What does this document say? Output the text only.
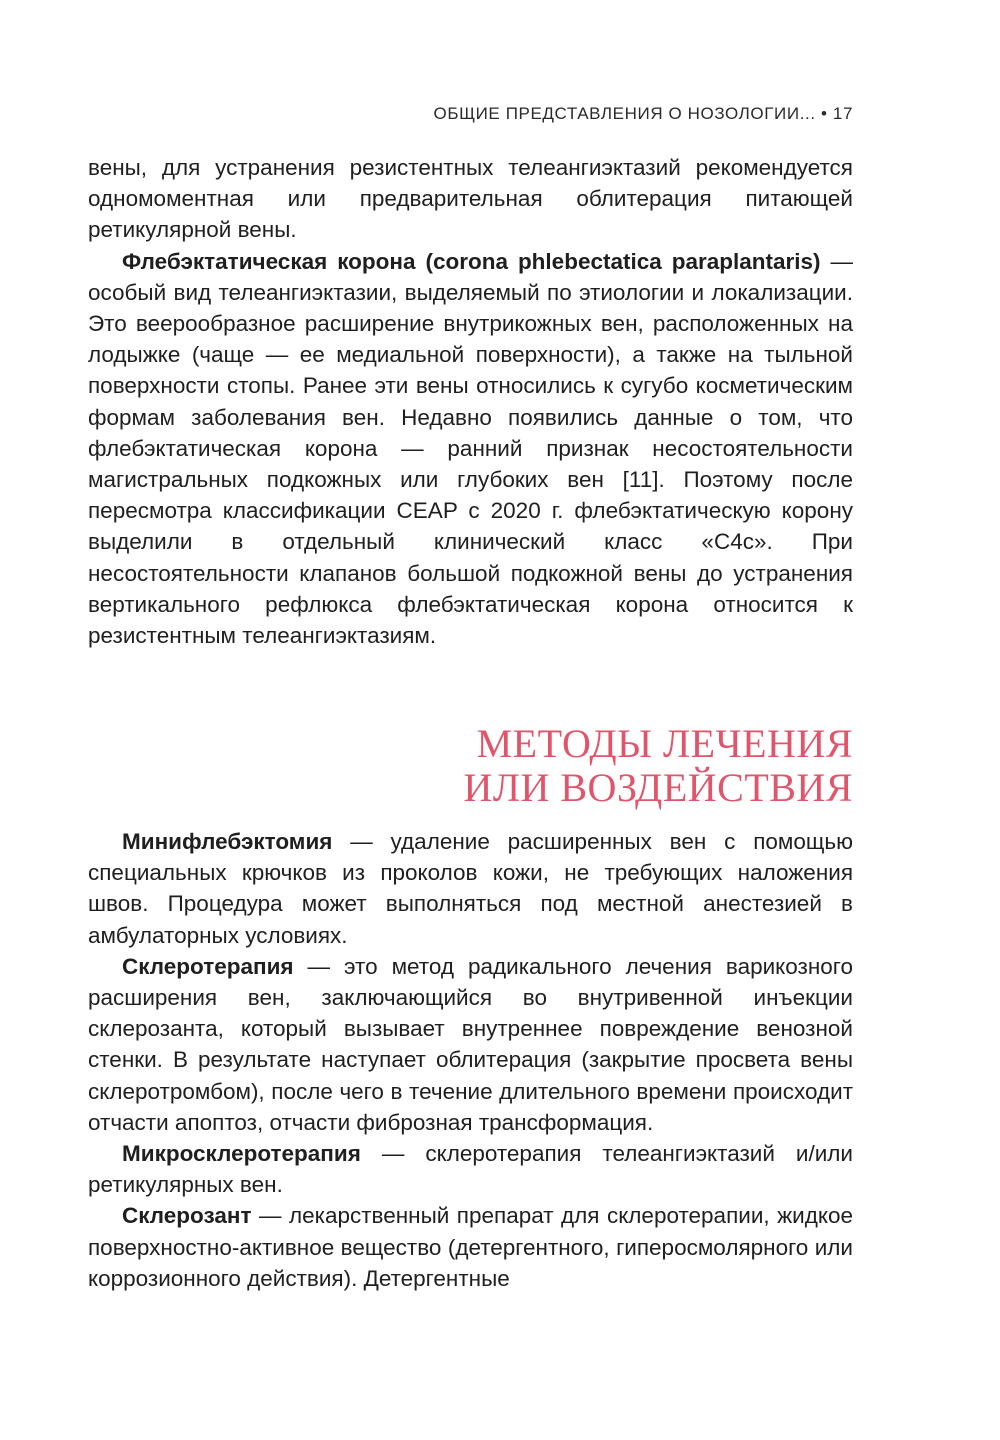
ОБЩИЕ ПРЕДСТАВЛЕНИЯ О НОЗОЛОГИИ... • 17

вены, для устранения резистентных телеангиэктазий рекомендуется одномоментная или предварительная облитерация питающей ретикулярной вены.

Флебэктатическая корона (corona phlebectatica paraplantaris) — особый вид телеангиэктазии, выделяемый по этиологии и локализации. Это веерообразное расширение внутрикожных вен, расположенных на лодыжке (чаще — ее медиальной поверхности), а также на тыльной поверхности стопы. Ранее эти вены относились к сугубо косметическим формам заболевания вен. Недавно появились данные о том, что флебэктатическая корона — ранний признак несостоятельности магистральных подкожных или глубоких вен [11]. Поэтому после пересмотра классификации CEAP с 2020 г. флебэктатическую корону выделили в отдельный клинический класс «C4c». При несостоятельности клапанов большой подкожной вены до устранения вертикального рефлюкса флебэктатическая корона относится к резистентным телеангиэктазиям.

МЕТОДЫ ЛЕЧЕНИЯ
ИЛИ ВОЗДЕЙСТВИЯ

Минифлебэктомия — удаление расширенных вен с помощью специальных крючков из проколов кожи, не требующих наложения швов. Процедура может выполняться под местной анестезией в амбулаторных условиях.

Склеротерапия — это метод радикального лечения варикозного расширения вен, заключающийся во внутривенной инъекции склерозанта, который вызывает внутреннее повреждение венозной стенки. В результате наступает облитерация (закрытие просвета вены склеротромбом), после чего в течение длительного времени происходит отчасти апоптоз, отчасти фиброзная трансформация.

Микросклеротерапия — склеротерапия телеангиэктазий и/или ретикулярных вен.

Склерозант — лекарственный препарат для склеротерапии, жидкое поверхностно-активное вещество (детергентного, гиперосмолярного или коррозионного действия). Детергентные
